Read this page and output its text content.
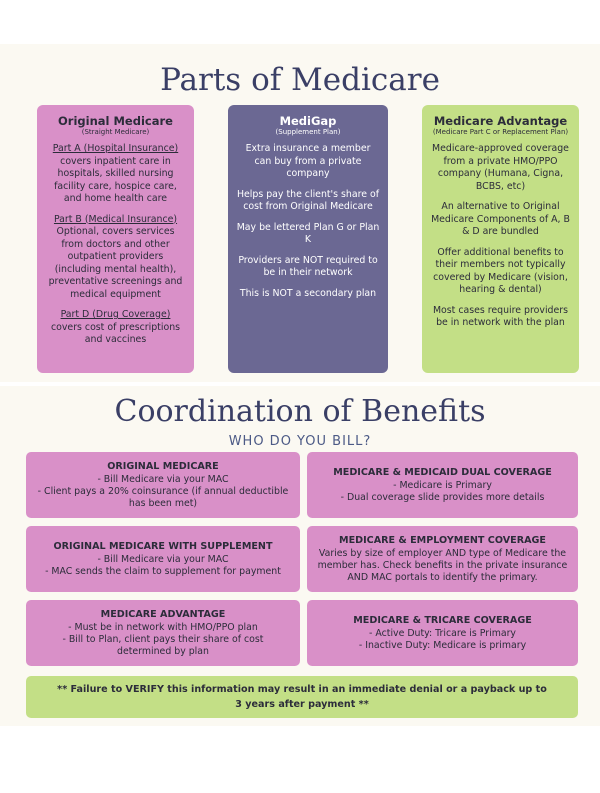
Parts of Medicare
Original Medicare
(Straight Medicare)

Part A (Hospital Insurance)
covers inpatient care in hospitals, skilled nursing facility care, hospice care, and home health care

Part B (Medical Insurance)
Optional, covers services from doctors and other outpatient providers (including mental health), preventative screenings and medical equipment

Part D (Drug Coverage)
covers cost of prescriptions and vaccines

MediGap
(Supplement Plan)

Extra insurance a member can buy from a private company

Helps pay the client's share of cost from Original Medicare

May be lettered Plan G or Plan K

Providers are NOT required to be in their network

This is NOT a secondary plan

Medicare Advantage
(Medicare Part C or Replacement Plan)

Medicare-approved coverage from a private HMO/PPO company (Humana, Cigna, BCBS, etc)

An alternative to Original Medicare Components of A, B & D are bundled

Offer additional benefits to their members not typically covered by Medicare (vision, hearing & dental)

Most cases require providers be in network with the plan

Coordination of Benefits
WHO DO YOU BILL?
ORIGINAL MEDICARE
- Bill Medicare via your MAC
- Client pays a 20% coinsurance (if annual deductible has been met)
ORIGINAL MEDICARE WITH SUPPLEMENT
- Bill Medicare via your MAC
- MAC sends the claim to supplement for payment
MEDICARE ADVANTAGE
- Must be in network with HMO/PPO plan
- Bill to Plan, client pays their share of cost determined by plan
MEDICARE & MEDICAID DUAL COVERAGE
- Medicare is Primary
- Dual coverage slide provides more details
MEDICARE & EMPLOYMENT COVERAGE
Varies by size of employer AND type of Medicare the member has. Check benefits in the private insurance AND MAC portals to identify the primary.
MEDICARE & TRICARE COVERAGE
- Active Duty: Tricare is Primary
- Inactive Duty: Medicare is primary
** Failure to VERIFY this information may result in an immediate denial or a payback up to 3 years after payment **
